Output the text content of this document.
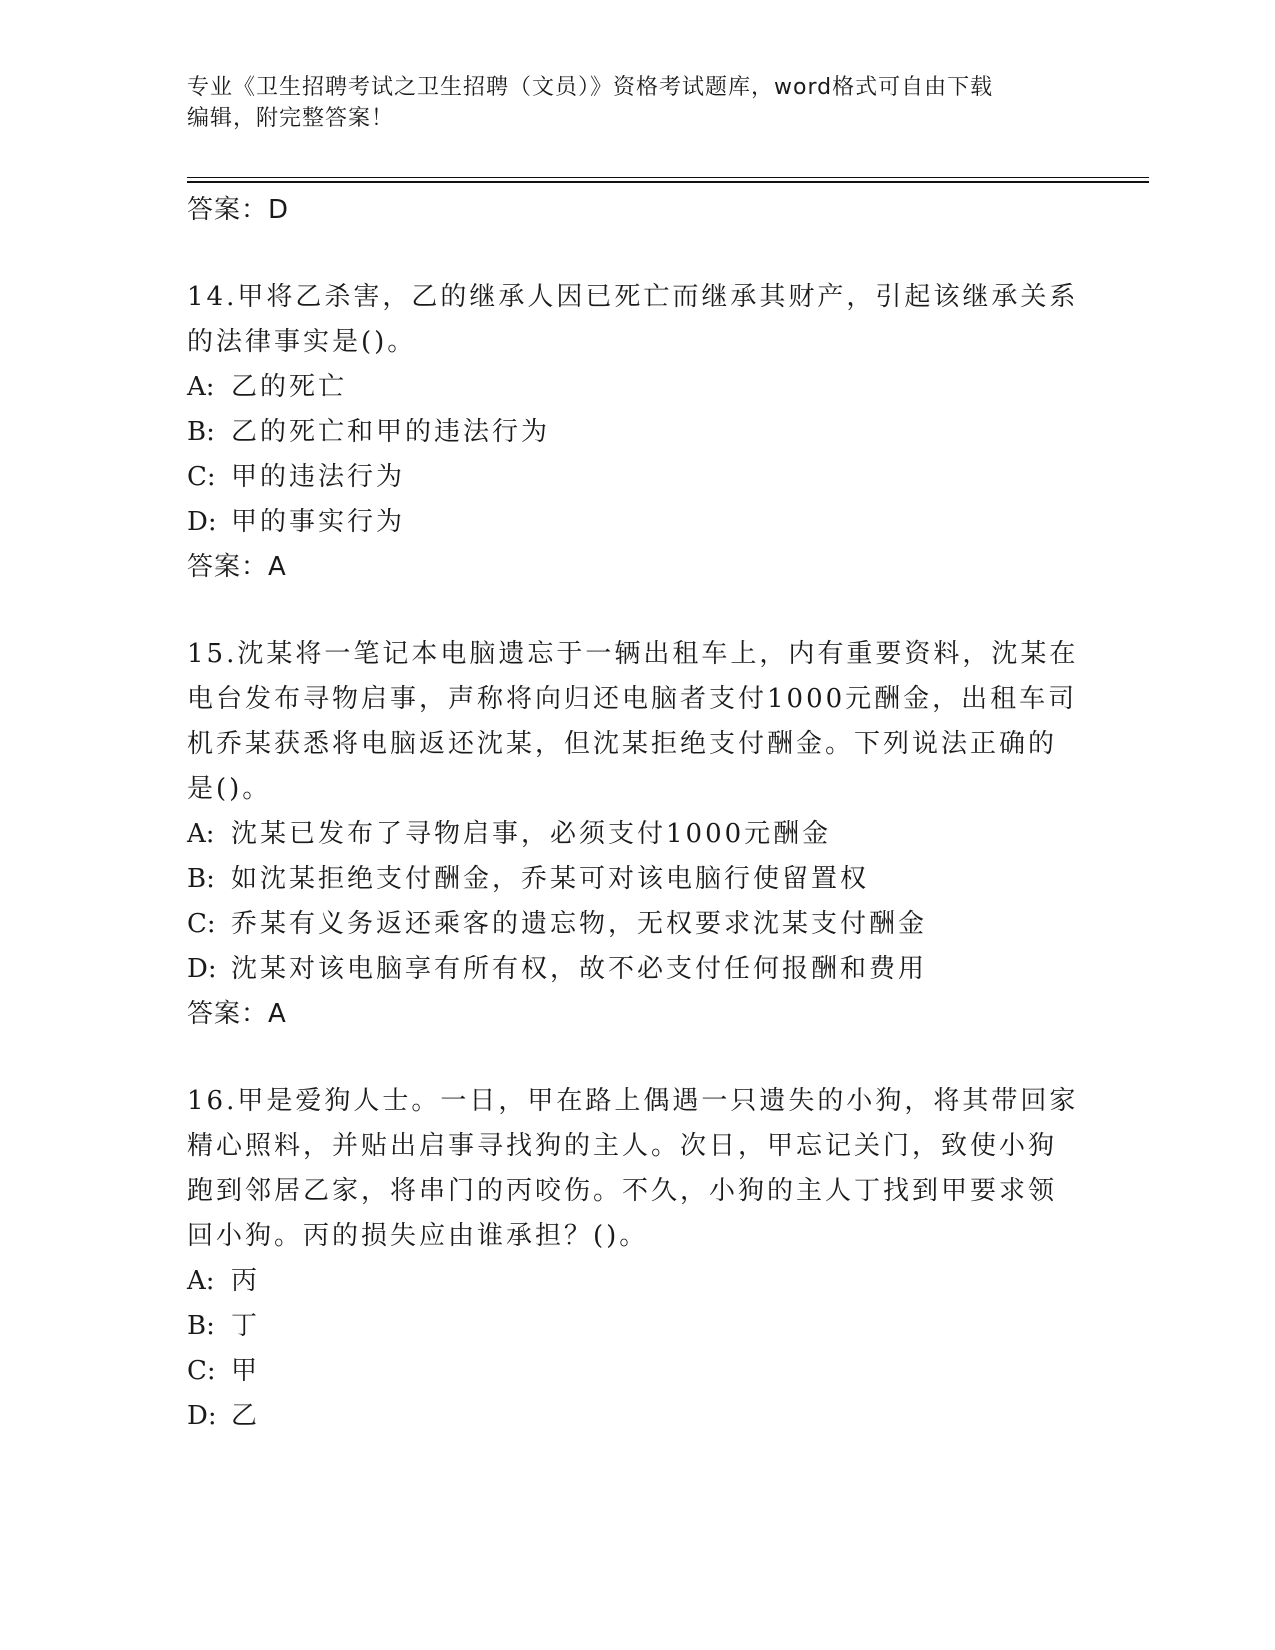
专业《卫生招聘考试之卫生招聘（文员）》资格考试题库，word格式可自由下载
编辑，附完整答案！

答案：D

14.甲将乙杀害，乙的继承人因已死亡而继承其财产，引起该继承关系

的法律事实是()。

A: 乙的死亡

B: 乙的死亡和甲的违法行为

C: 甲的违法行为

D: 甲的事实行为

答案：A

15.沈某将一笔记本电脑遗忘于一辆出租车上，内有重要资料，沈某在

电台发布寻物启事，声称将向归还电脑者支付1000元酬金，出租车司

机乔某获悉将电脑返还沈某，但沈某拒绝支付酬金。下列说法正确的

是()。

A: 沈某已发布了寻物启事，必须支付1000元酬金

B: 如沈某拒绝支付酬金，乔某可对该电脑行使留置权

C: 乔某有义务返还乘客的遗忘物，无权要求沈某支付酬金

D: 沈某对该电脑享有所有权，故不必支付任何报酬和费用

答案：A

16.甲是爱狗人士。一日，甲在路上偶遇一只遗失的小狗，将其带回家

精心照料，并贴出启事寻找狗的主人。次日，甲忘记关门，致使小狗

跑到邻居乙家，将串门的丙咬伤。不久，小狗的主人丁找到甲要求领

回小狗。丙的损失应由谁承担？()。

A: 丙

B: 丁

C: 甲

D: 乙
